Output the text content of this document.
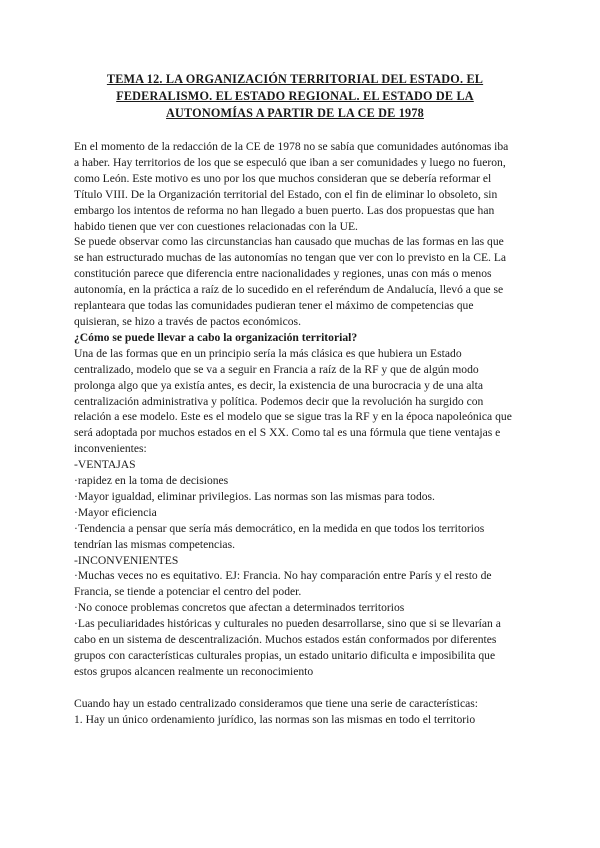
TEMA 12. LA ORGANIZACIÓN TERRITORIAL DEL ESTADO. EL
FEDERALISMO. EL ESTADO REGIONAL. EL ESTADO DE LA
AUTONOMÍAS A PARTIR DE LA CE DE 1978

En el momento de la redacción de la CE de 1978 no se sabía que comunidades autónomas iba a haber. Hay territorios de los que se especuló que iban a ser comunidades y luego no fueron, como León. Este motivo es uno por los que muchos consideran que se debería reformar el Título VIII. De la Organización territorial del Estado, con el fin de eliminar lo obsoleto, sin embargo los intentos de reforma no han llegado a buen puerto. Las dos propuestas que han habido tienen que ver con cuestiones relacionadas con la UE.

Se puede observar como las circunstancias han causado que muchas de las formas en las que se han estructurado muchas de las autonomías no tengan que ver con lo previsto en la CE. La constitución parece que diferencia entre nacionalidades y regiones, unas con más o menos autonomía, en la práctica a raíz de lo sucedido en el referéndum de Andalucía, llevó a que se replanteara que todas las comunidades pudieran tener el máximo de competencias que quisieran, se hizo a través de pactos económicos.

¿Cómo se puede llevar a cabo la organización territorial?

Una de las formas que en un principio sería la más clásica es que hubiera un Estado centralizado, modelo que se va a seguir en Francia a raíz de la RF y que de algún modo prolonga algo que ya existía antes, es decir, la existencia de una burocracia y de una alta centralización administrativa y política. Podemos decir que la revolución ha surgido con relación a ese modelo. Este es el modelo que se sigue tras la RF y en la época napoleónica que será adoptada por muchos estados en el S XX. Como tal es una fórmula que tiene ventajas e inconvenientes:

-VENTAJAS

·rapidez en la toma de decisiones

·Mayor igualdad, eliminar privilegios. Las normas son las mismas para todos.

·Mayor eficiencia

·Tendencia a pensar que sería más democrático, en la medida en que todos los territorios tendrían las mismas competencias.

-INCONVENIENTES

·Muchas veces no es equitativo. EJ: Francia. No hay comparación entre París y el resto de Francia, se tiende a potenciar el centro del poder.

·No conoce problemas concretos que afectan a determinados territorios

·Las peculiaridades históricas y culturales no pueden desarrollarse, sino que si se llevarían a cabo en un sistema de descentralización. Muchos estados están conformados por diferentes grupos con características culturales propias, un estado unitario dificulta e imposibilita que estos grupos alcancen realmente un reconocimiento

Cuando hay un estado centralizado consideramos que tiene una serie de características:

1. Hay un único ordenamiento jurídico, las normas son las mismas en todo el territorio
